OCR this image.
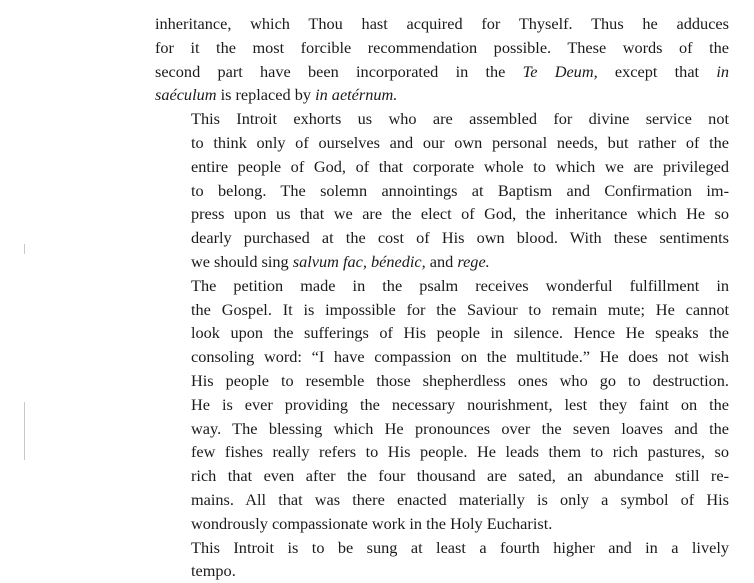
inheritance, which Thou hast acquired for Thyself. Thus he adduces
for it the most forcible recommendation possible. These words of the
second part have been incorporated in the Te Deum, except that in
saéculum is replaced by in aetérnum.
This Introit exhorts us who are assembled for divine service not
to think only of ourselves and our own personal needs, but rather of the
entire people of God, of that corporate whole to which we are privileged
to belong. The solemn annointings at Baptism and Confirmation im-
press upon us that we are the elect of God, the inheritance which He so
dearly purchased at the cost of His own blood. With these sentiments
we should sing salvum fac, bénedic, and rege.
The petition made in the psalm receives wonderful fulfillment in
the Gospel. It is impossible for the Saviour to remain mute; He cannot
look upon the sufferings of His people in silence. Hence He speaks the
consoling word: “I have compassion on the multitude.” He does not wish
His people to resemble those shepherdless ones who go to destruction.
He is ever providing the necessary nourishment, lest they faint on the
way. The blessing which He pronounces over the seven loaves and the
few fishes really refers to His people. He leads them to rich pastures, so
rich that even after the four thousand are sated, an abundance still re-
mains. All that was there enacted materially is only a symbol of His
wondrously compassionate work in the Holy Eucharist.
This Introit is to be sung at least a fourth higher and in a lively
tempo.
